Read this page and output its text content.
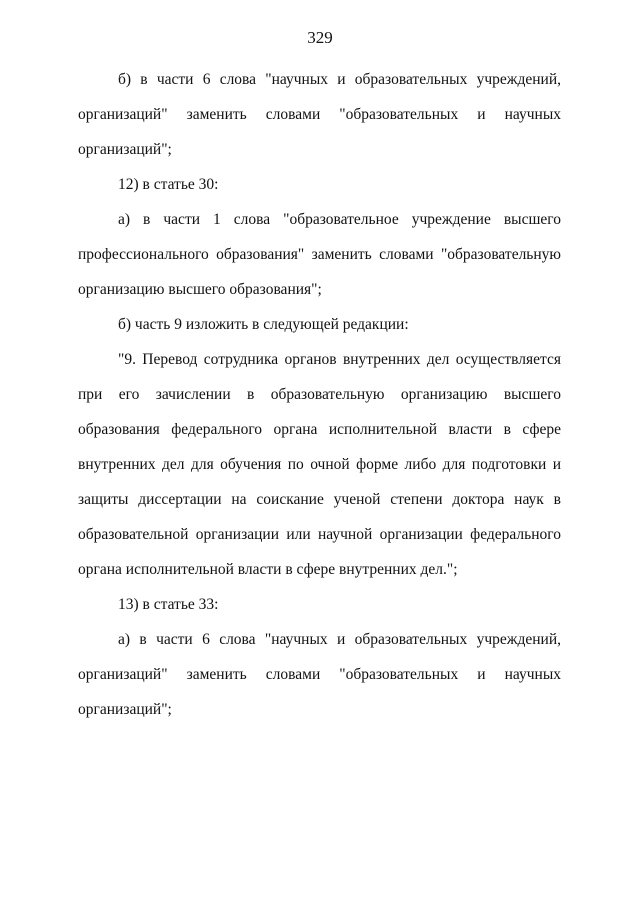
329

б) в части 6 слова "научных и образовательных учреждений, организаций" заменить словами "образовательных и научных организаций";

12) в статье 30:

а) в части 1 слова "образовательное учреждение высшего профессионального образования" заменить словами "образовательную организацию высшего образования";

б) часть 9 изложить в следующей редакции:

"9. Перевод сотрудника органов внутренних дел осуществляется при его зачислении в образовательную организацию высшего образования федерального органа исполнительной власти в сфере внутренних дел для обучения по очной форме либо для подготовки и защиты диссертации на соискание ученой степени доктора наук в образовательной организации или научной организации федерального органа исполнительной власти в сфере внутренних дел.";

13) в статье 33:

а) в части 6 слова "научных и образовательных учреждений, организаций" заменить словами "образовательных и научных организаций";
